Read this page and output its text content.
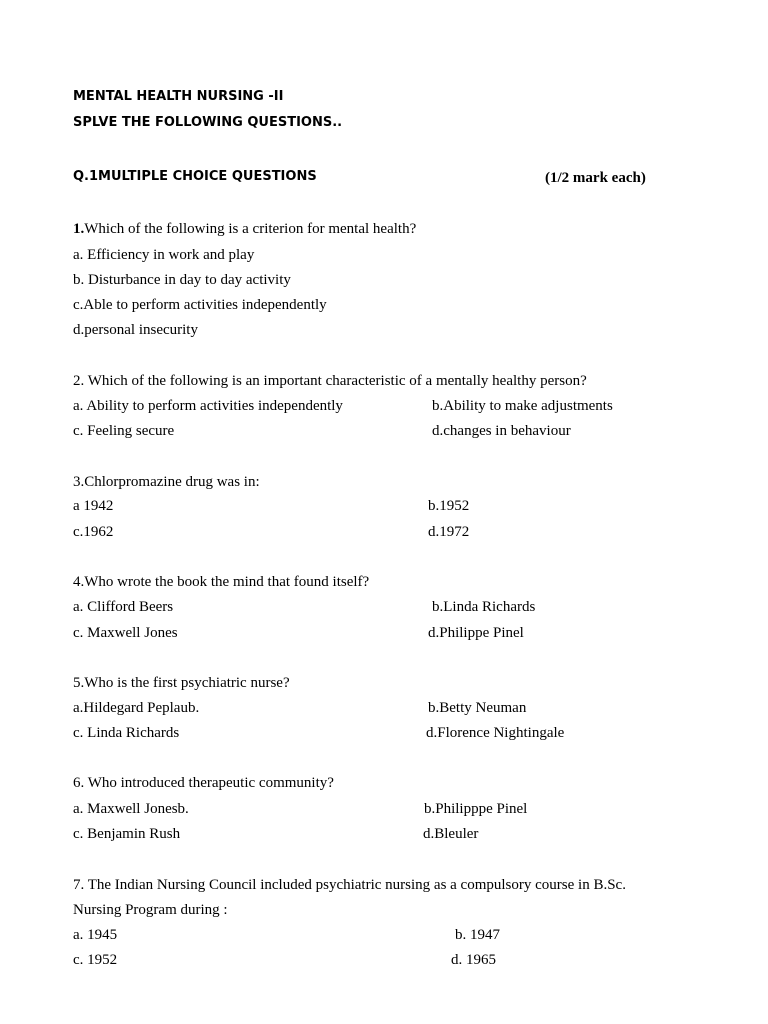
MENTAL HEALTH NURSING -II
SPLVE THE FOLLOWING QUESTIONS..
Q.1MULTIPLE CHOICE QUESTIONS	(1/2 mark each)
1.Which of the following is a criterion for mental health?
a. Efficiency in work and play
b. Disturbance in day to day activity
c.Able to perform activities independently
d.personal insecurity
2. Which of the following is an important characteristic of a mentally healthy person?
a. Ability to perform activities independently	b.Ability to make adjustments
c. Feeling secure	d.changes in behaviour
3.Chlorpromazine drug was in:
a 1942	b.1952
c.1962	d.1972
4.Who wrote the book the mind that found itself?
a. Clifford Beers	b.Linda Richards
c. Maxwell Jones	d.Philippe Pinel
5.Who is the first psychiatric nurse?
a.Hildegard Peplaub.	b.Betty Neuman
c. Linda Richards	d.Florence Nightingale
6. Who introduced therapeutic community?
a. Maxwell Jonesb.	b.Philipppe Pinel
c. Benjamin Rush	d.Bleuler
7. The Indian Nursing Council included psychiatric nursing as a compulsory course in B.Sc.
Nursing Program during :
a. 1945	b. 1947
c. 1952	d. 1965
